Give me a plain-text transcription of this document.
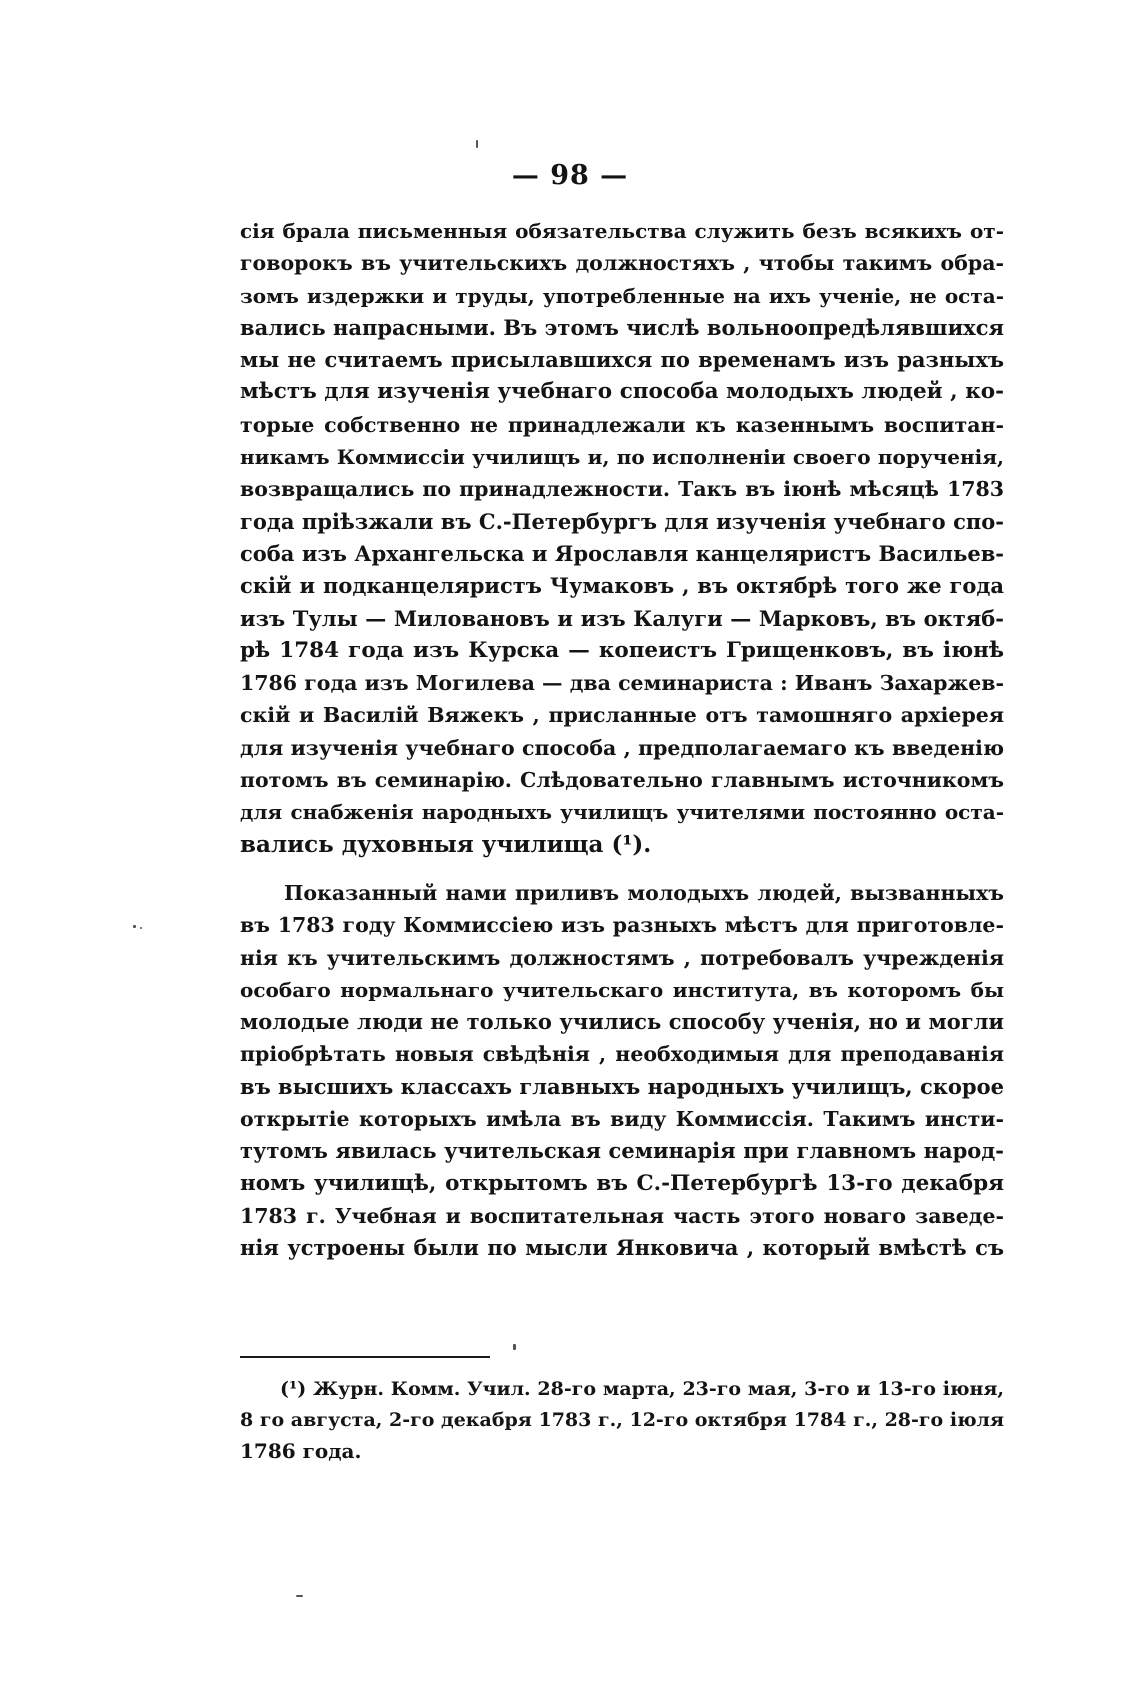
— 98 —
сія брала письменныя обязательства служить безъ всякихъ от-
говорокъ въ учительскихъ должностяхъ , чтобы такимъ обра-
зомъ издержки и труды, употребленные на ихъ ученіе, не оста-
вались напрасными. Въ этомъ числѣ вольноопредѣлявшихся
мы не считаемъ присылавшихся по временамъ изъ разныхъ
мѣстъ для изученія учебнаго способа молодыхъ людей , ко-
торые собственно не принадлежали къ казеннымъ воспитан-
никамъ Коммиссіи училищъ и, по исполненіи своего порученія,
возвращались по принадлежности. Такъ въ іюнѣ мѣсяцѣ 1783
года пріѣзжали въ С.-Петербургъ для изученія учебнаго спо-
соба изъ Архангельска и Ярославля канцеляристъ Васильев-
скій и подканцеляристъ Чумаковъ , въ октябрѣ того же года
изъ Тулы — Миловановъ и изъ Калуги — Марковъ, въ октяб-
рѣ 1784 года изъ Курска — копеистъ Грищенковъ, въ іюнѣ
1786 года изъ Могилева — два семинариста : Иванъ Захаржев-
скій и Василій Вяжекъ , присланные отъ тамошняго архіерея
для изученія учебнаго способа , предполагаемаго къ введенію
потомъ въ семинарію. Слѣдовательно главнымъ источникомъ
для снабженія народныхъ училищъ учителями постоянно оста-
вались духовныя училища (¹).
Показанный нами приливъ молодыхъ людей, вызванныхъ
въ 1783 году Коммиссіею изъ разныхъ мѣстъ для приготовле-
нія къ учительскимъ должностямъ , потребовалъ учрежденія
особаго нормальнаго учительскаго института, въ которомъ бы
молодые люди не только учились способу ученія, но и могли
пріобрѣтать новыя свѣдѣнія , необходимыя для преподаванія
въ высшихъ классахъ главныхъ народныхъ училищъ, скорое
открытіе которыхъ имѣла въ виду Коммиссія. Такимъ инсти-
тутомъ явилась учительская семинарія при главномъ народ-
номъ училищѣ, открытомъ въ С.-Петербургѣ 13-го декабря
1783 г. Учебная и воспитательная часть этого новаго заведе-
нія устроены были по мысли Янковича , который вмѣстѣ съ
(¹) Журн. Комм. Учил. 28-го марта, 23-го мая, 3-го и 13-го іюня,
8 го августа, 2-го декабря 1783 г., 12-го октября 1784 г., 28-го іюля
1786 года.
